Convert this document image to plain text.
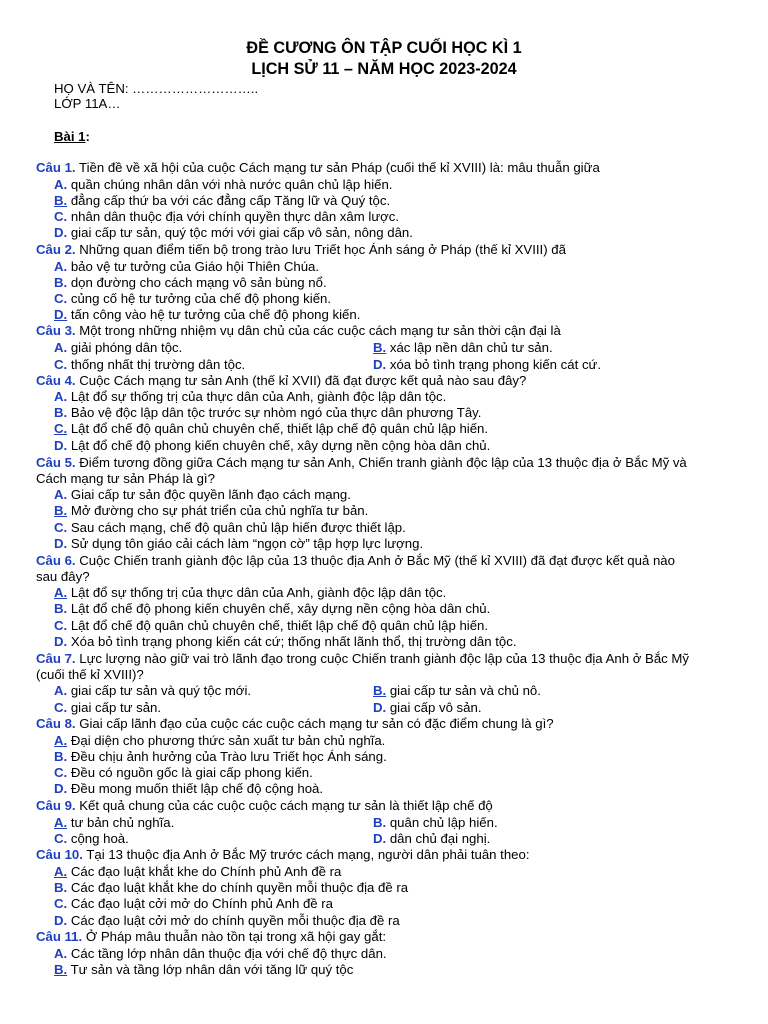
ĐỀ CƯƠNG ÔN TẬP CUỐI HỌC KÌ 1
LỊCH SỬ 11 – NĂM HỌC 2023-2024
HỌ VÀ TÊN: ………………………..
LỚP 11A…
Bài 1:
Câu 1. Tiền đề về xã hội của cuộc Cách mạng tư sản Pháp (cuối thế kỉ XVIII) là: mâu thuẫn giữa
A. quần chúng nhân dân với nhà nước quân chủ lập hiến.
B. đẳng cấp thứ ba với các đẳng cấp Tăng lữ và Quý tộc.
C. nhân dân thuộc địa với chính quyền thực dân xâm lược.
D. giai cấp tư sản, quý tộc mới với giai cấp vô sản, nông dân.
Câu 2. Những quan điểm tiến bộ trong trào lưu Triết học Ánh sáng ở Pháp (thế kỉ XVIII) đã
A. bảo vệ tư tưởng của Giáo hội Thiên Chúa.
B. dọn đường cho cách mạng vô sản bùng nổ.
C. củng cố hệ tư tưởng của chế độ phong kiến.
D. tấn công vào hệ tư tưởng của chế độ phong kiến.
Câu 3. Một trong những nhiệm vụ dân chủ của các cuộc cách mạng tư sản thời cận đại là
A. giải phóng dân tộc.	B. xác lập nền dân chủ tư sản.
C. thống nhất thị trường dân tộc.	D. xóa bỏ tình trạng phong kiến cát cứ.
Câu 4. Cuộc Cách mạng tư sản Anh (thế kỉ XVII) đã đạt được kết quả nào sau đây?
A. Lật đổ sự thống trị của thực dân của Anh, giành độc lập dân tộc.
B. Bảo vệ độc lập dân tộc trước sự nhòm ngó của thực dân phương Tây.
C. Lật đổ chế độ quân chủ chuyên chế, thiết lập chế độ quân chủ lập hiến.
D. Lật đổ chế độ phong kiến chuyên chế, xây dựng nền cộng hòa dân chủ.
Câu 5. Điểm tương đồng giữa Cách mạng tư sản Anh, Chiến tranh giành độc lập của 13 thuộc địa ở Bắc Mỹ và
Cách mạng tư sản Pháp là gì?
A. Giai cấp tư sản độc quyền lãnh đạo cách mạng.
B. Mở đường cho sự phát triển của chủ nghĩa tư bản.
C. Sau cách mạng, chế độ quân chủ lập hiến được thiết lập.
D. Sử dụng tôn giáo cải cách làm “ngọn cờ” tập hợp lực lượng.
Câu 6. Cuộc Chiến tranh giành độc lập của 13 thuộc địa Anh ở Bắc Mỹ (thế kỉ XVIII) đã đạt được kết quả nào
sau đây?
A. Lật đổ sự thống trị của thực dân của Anh, giành độc lập dân tộc.
B. Lật đổ chế độ phong kiến chuyên chế, xây dựng nền cộng hòa dân chủ.
C. Lật đổ chế độ quân chủ chuyên chế, thiết lập chế độ quân chủ lập hiến.
D. Xóa bỏ tình trạng phong kiến cát cứ; thống nhất lãnh thổ, thị trường dân tộc.
Câu 7. Lực lượng nào giữ vai trò lãnh đạo trong cuộc Chiến tranh giành độc lập của 13 thuộc địa Anh ở Bắc Mỹ
(cuối thế kỉ XVIII)?
A. giai cấp tư sản và quý tộc mới.	B. giai cấp tư sản và chủ nô.
C. giai cấp tư sản.	D. giai cấp vô sản.
Câu 8. Giai cấp lãnh đạo của cuộc các cuộc cách mạng tư sản có đặc điểm chung là gì?
A. Đại diện cho phương thức sản xuất tư bản chủ nghĩa.
B. Đều chịu ảnh hưởng của Trào lưu Triết học Ánh sáng.
C. Đều có nguồn gốc là giai cấp phong kiến.
D. Đều mong muốn thiết lập chế độ cộng hoà.
Câu 9. Kết quả chung của các cuộc cuộc cách mạng tư sản là thiết lập chế độ
A. tư bản chủ nghĩa.	B. quân chủ lập hiến.
C. cộng hoà.	D. dân chủ đại nghị.
Câu 10. Tại 13 thuộc địa Anh ở Bắc Mỹ trước cách mạng, người dân phải tuân theo:
A. Các đạo luật khắt khe do Chính phủ Anh đề ra
B. Các đạo luật khắt khe do chính quyền mỗi thuộc địa đề ra
C. Các đạo luật cởi mở do Chính phủ Anh đề ra
D. Các đạo luật cởi mở do chính quyền mỗi thuộc địa đề ra
Câu 11. Ở Pháp mâu thuẫn nào tồn tại trong xã hội gay gắt:
A. Các tầng lớp nhân dân thuộc địa với chế độ thực dân.
B. Tư sản và tầng lớp nhân dân với tăng lữ quý tộc
